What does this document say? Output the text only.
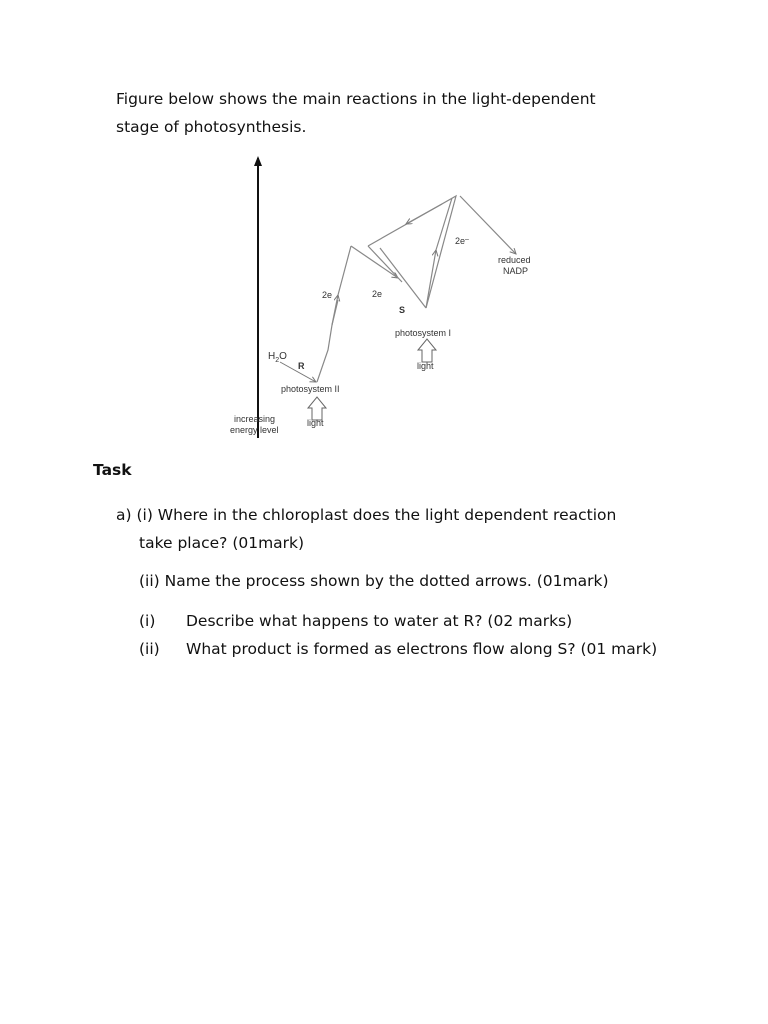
Figure below shows the main reactions in the light-dependent

stage of photosynthesis.

$H_2O$
R
S
2e	2e
2e–
photosystem II
photosystem I
light
light
reduced
NADP
increasing
energy level
Task
a) (i) Where in the chloroplast does the light dependent reaction
take place? (01mark)
(ii) Name the process shown by the dotted arrows. (01mark)
(i)	Describe what happens to water at R? (02 marks)
(ii)	What product is formed as electrons flow along S? (01 mark)
